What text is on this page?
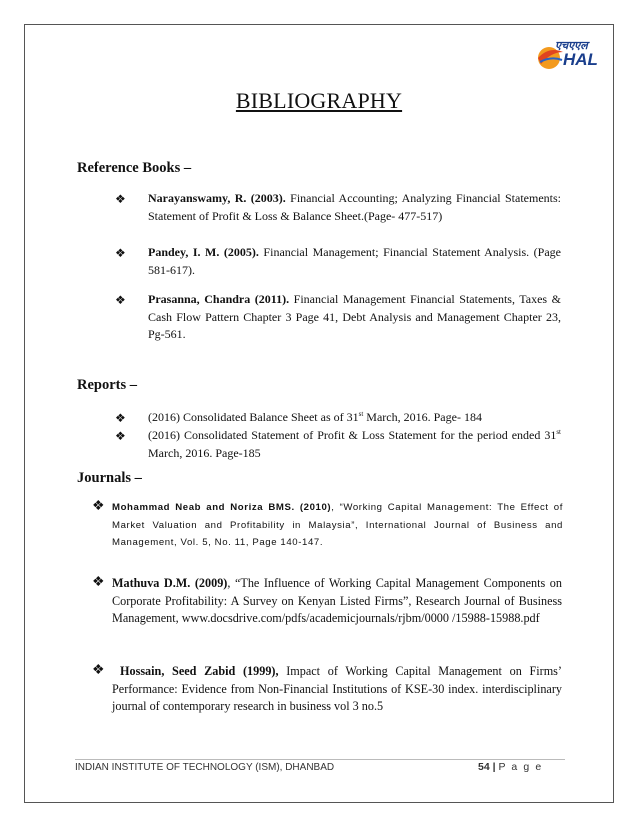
एचएएल
HAL
BIBLIOGRAPHY
Reference Books –
❖ Narayanswamy, R. (2003). Financial Accounting; Analyzing Financial Statements: Statement of Profit & Loss & Balance Sheet.(Page- 477-517)
❖ Pandey, I. M. (2005). Financial Management; Financial Statement Analysis. (Page 581-617).
❖ Prasanna, Chandra (2011). Financial Management Financial Statements, Taxes & Cash Flow Pattern Chapter 3 Page 41, Debt Analysis and Management Chapter 23, Pg-561.
Reports –
❖ (2016) Consolidated Balance Sheet as of 31st March, 2016. Page- 184
❖ (2016) Consolidated Statement of Profit & Loss Statement for the period ended 31st March, 2016. Page-185
Journals –
❖ Mohammad Neab and Noriza BMS. (2010), “Working Capital Management: The Effect of Market Valuation and Profitability in Malaysia”, International Journal of Business and Management, Vol. 5, No. 11, Page 140-147.
❖ Mathuva D.M. (2009), “The Influence of Working Capital Management Components on Corporate Profitability: A Survey on Kenyan Listed Firms”, Research Journal of Business Management, www.docsdrive.com/pdfs/academicjournals/rjbm/0000 /15988-15988.pdf
❖	Hossain, Seed Zabid (1999), Impact of Working Capital Management on Firms’ Performance: Evidence from Non-Financial Institutions of KSE-30 index. interdisciplinary journal of contemporary research in business vol 3 no.5
INDIAN INSTITUTE OF TECHNOLOGY (ISM), DHANBAD	54 | P a g e
